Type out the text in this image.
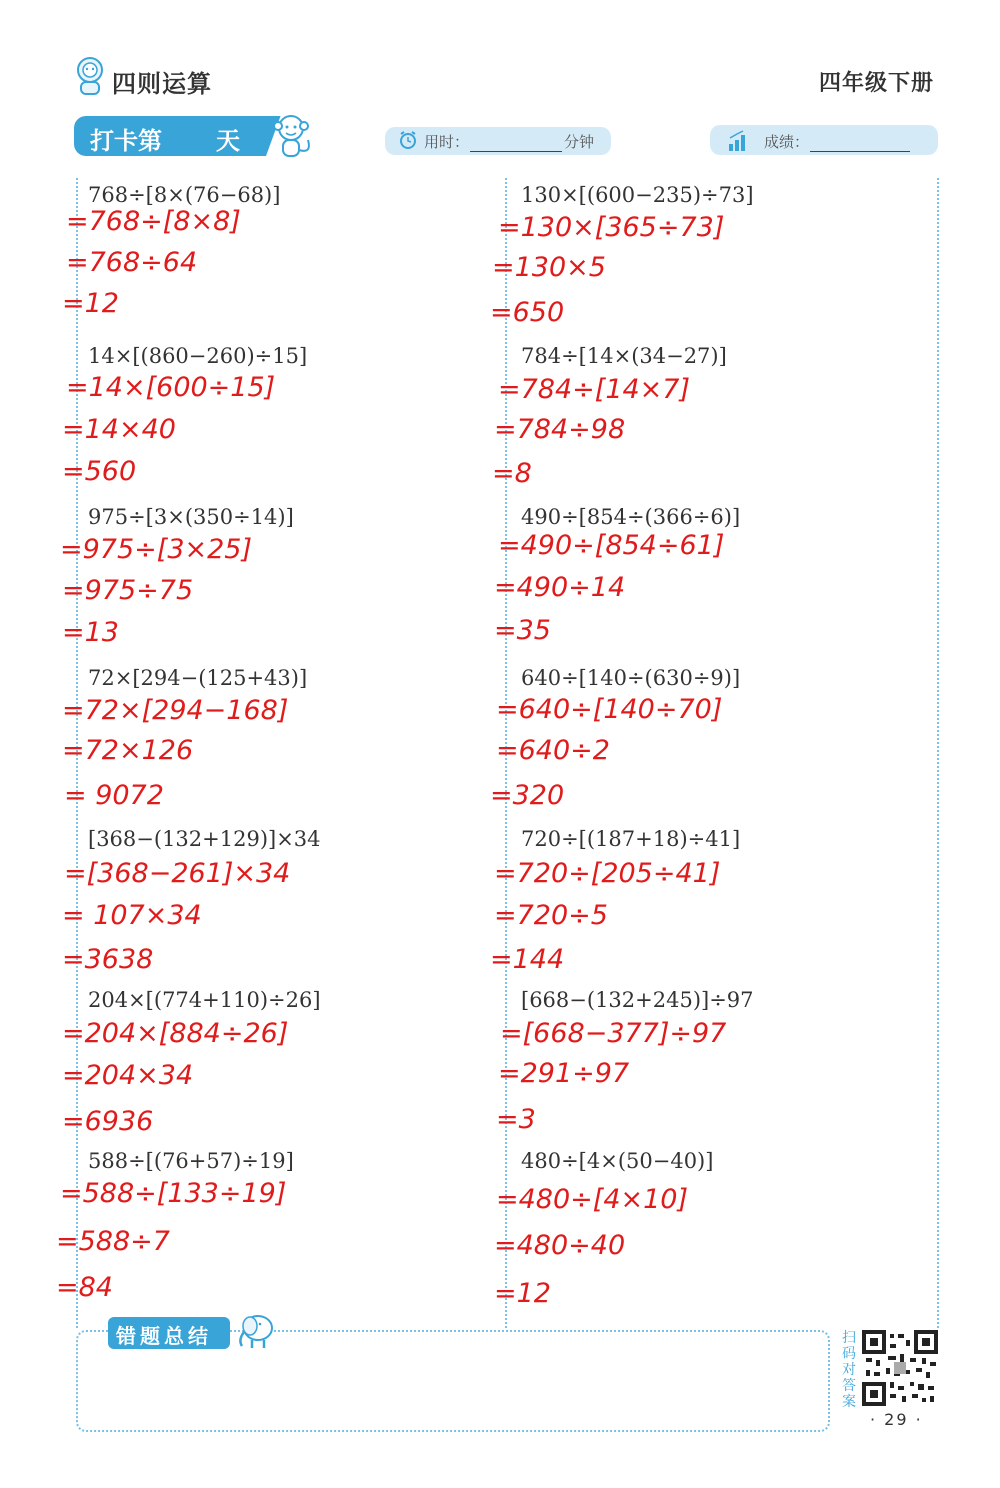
四则运算	四年级下册
打卡第 天	用时：	分钟	成绩：
768÷[8×(76−68)]
=768÷[8×8]
=768÷64
=12
14×[(860−260)÷15]
=14×[600÷15]
=14×40
=560
975÷[3×(350÷14)]
=975÷[3×25]
=975÷75
=13
72×[294−(125+43)]
=72×[294−168]
=72×126
= 9072
[368−(132+129)]×34
=[368−261]×34
= 107×34
=3638
204×[(774+110)÷26]
=204×[884÷26]
=204×34
=6936
588÷[(76+57)÷19]
=588÷[133÷19]
=588÷7
=84
130×[(600−235)÷73]
=130×[365÷73]
=130×5
=650
784÷[14×(34−27)]
=784÷[14×7]
=784÷98
=8
490÷[854÷(366÷6)]
=490÷[854÷61]
=490÷14
=35
640÷[140÷(630÷9)]
=640÷[140÷70]
=640÷2
=320
720÷[(187+18)÷41]
=720÷[205÷41]
=720÷5
=144
[668−(132+245)]÷97
=[668−377]÷97
=291÷97
=3
480÷[4×(50−40)]
=480÷[4×10]
=480÷40
=12
错题总结	扫码对答案
· 29 ·
